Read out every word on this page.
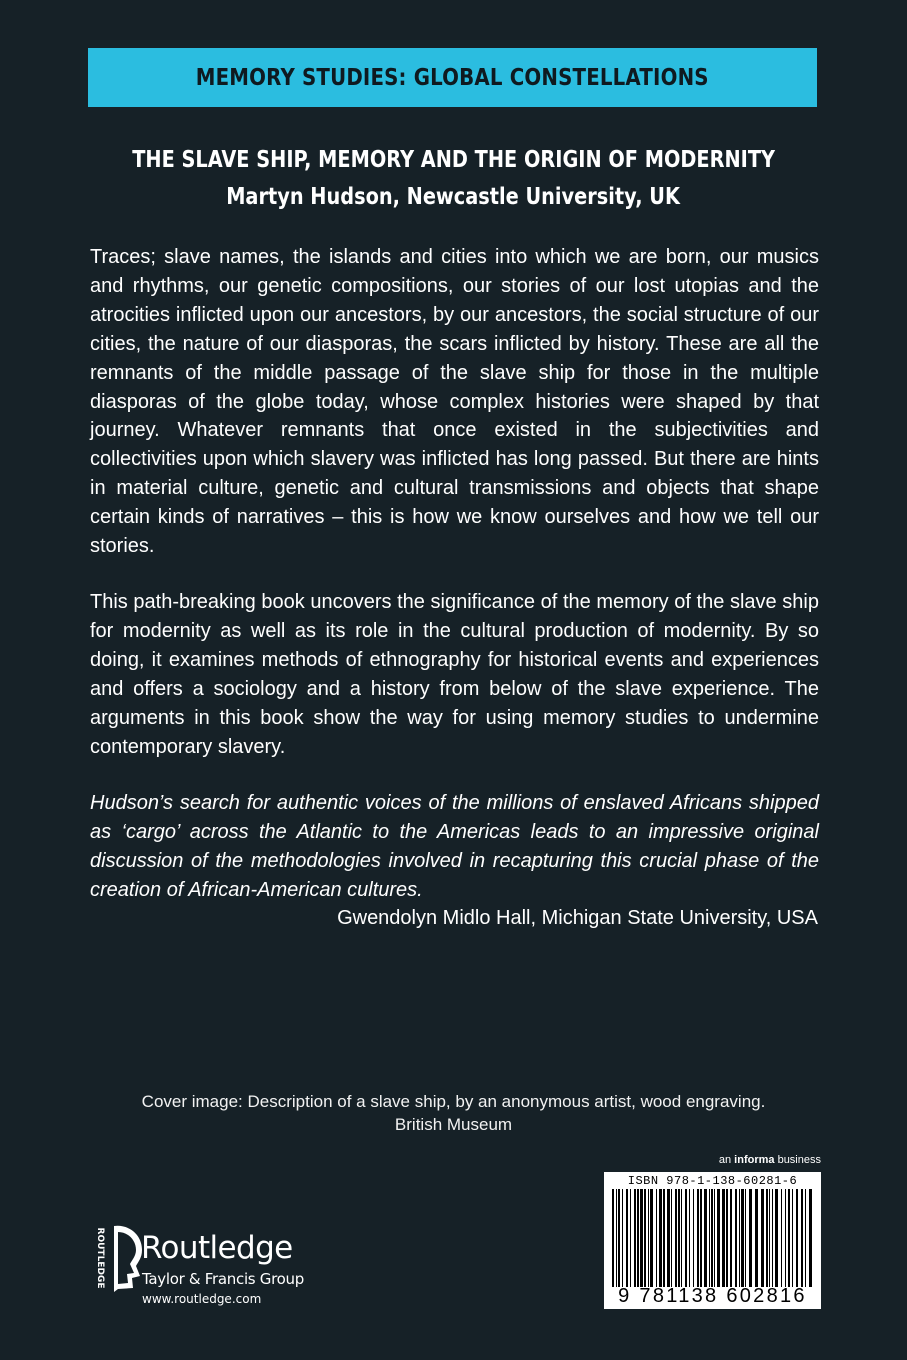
MEMORY STUDIES: GLOBAL CONSTELLATIONS
THE SLAVE SHIP, MEMORY AND THE ORIGIN OF MODERNITY
Martyn Hudson, Newcastle University, UK

Traces; slave names, the islands and cities into which we are born, our musics and rhythms, our genetic compositions, our stories of our lost utopias and the atrocities inflicted upon our ancestors, by our ancestors, the social structure of our cities, the nature of our diasporas, the scars inflicted by history. These are all the remnants of the middle passage of the slave ship for those in the multiple diasporas of the globe today, whose complex histories were shaped by that journey. Whatever remnants that once existed in the subjectivities and collectivities upon which slavery was inflicted has long passed. But there are hints in material culture, genetic and cultural transmissions and objects that shape certain kinds of narratives – this is how we know ourselves and how we tell our stories.

This path-breaking book uncovers the significance of the memory of the slave ship for modernity as well as its role in the cultural production of modernity. By so doing, it examines methods of ethnography for historical events and experiences and offers a sociology and a history from below of the slave experience. The arguments in this book show the way for using memory studies to undermine contemporary slavery.

Hudson’s search for authentic voices of the millions of enslaved Africans shipped as ‘cargo’ across the Atlantic to the Americas leads to an impressive original discussion of the methodologies involved in recapturing this crucial phase of the creation of African-American cultures.

Gwendolyn Midlo Hall, Michigan State University, USA
Cover image: Description of a slave ship, by an anonymous artist, wood engraving.
British Museum
an informa business
ISBN 978-1-138-60281-6
9 781138 602816
ROUTLEDGE Routledge
Taylor & Francis Group
www.routledge.com
